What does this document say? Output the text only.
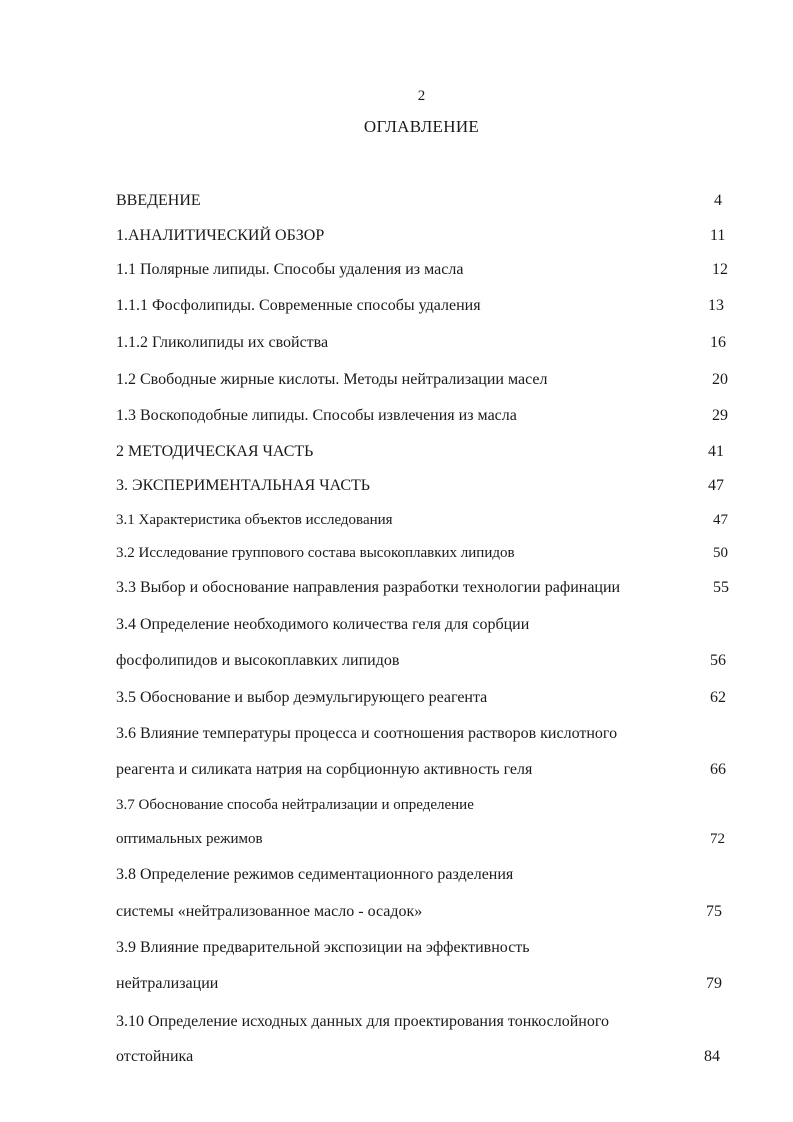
2
ОГЛАВЛЕНИЕ
ВВЕДЕНИЕ	4
1.АНАЛИТИЧЕСКИЙ ОБЗОР	11
1.1 Полярные липиды. Способы удаления из масла	12
1.1.1 Фосфолипиды. Современные способы удаления	13
1.1.2 Гликолипиды их свойства	16
1.2 Свободные жирные кислоты. Методы нейтрализации масел	20
1.3 Воскоподобные липиды. Способы извлечения из масла	29
2 МЕТОДИЧЕСКАЯ ЧАСТЬ	41
3. ЭКСПЕРИМЕНТАЛЬНАЯ ЧАСТЬ	47
3.1 Характеристика объектов исследования	47
3.2 Исследование группового состава высокоплавких липидов	50
3.3 Выбор и обоснование направления разработки технологии рафинации	55
3.4 Определение необходимого количества геля для сорбции
фосфолипидов и высокоплавких липидов	56
3.5 Обоснование и выбор деэмульгирующего реагента	62
3.6 Влияние температуры процесса и соотношения растворов кислотного
реагента и силиката натрия на сорбционную активность геля	66
3.7 Обоснование способа нейтрализации и определение
оптимальных режимов	72
3.8 Определение режимов седиментационного разделения
системы «нейтрализованное масло - осадок»	75
3.9 Влияние предварительной экспозиции на эффективность
нейтрализации	79
3.10 Определение исходных данных для проектирования тонкослойного
отстойника	84
